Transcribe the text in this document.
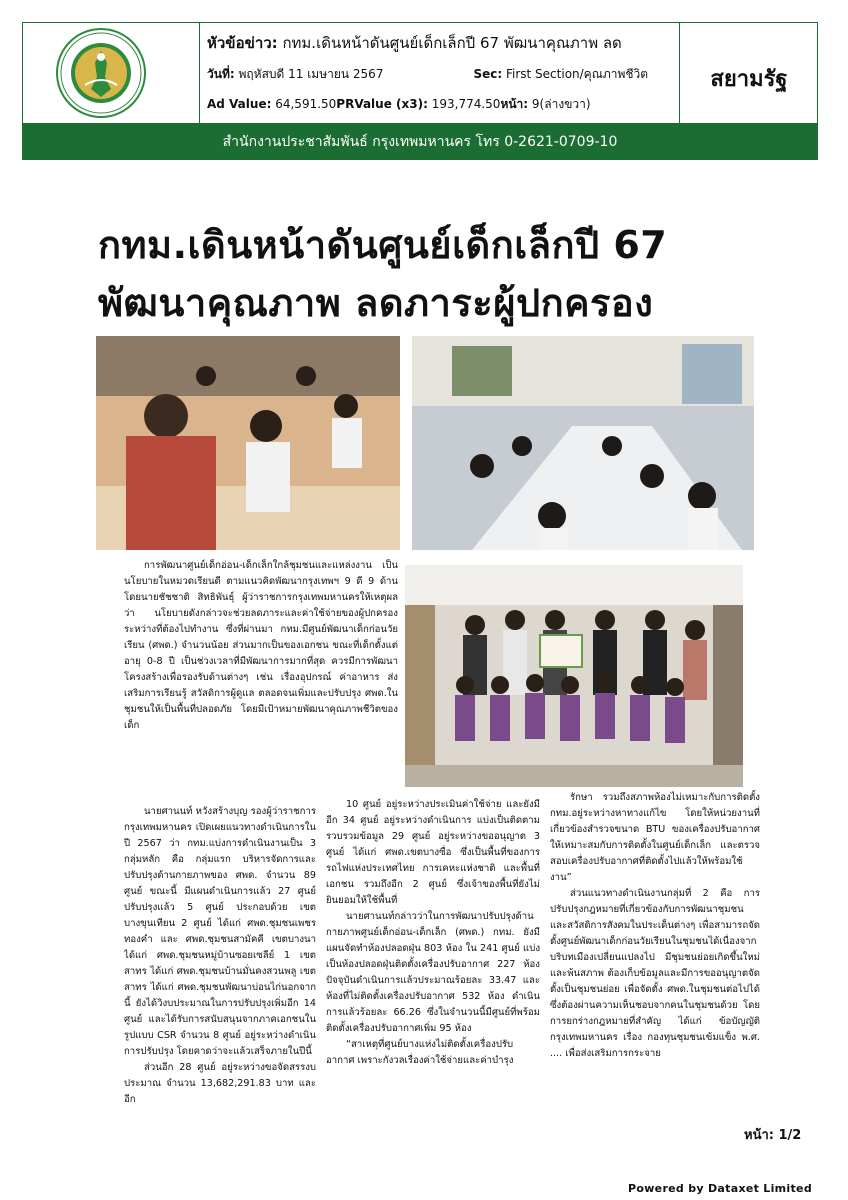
หัวข้อข่าว: กทม.เดินหน้าดันศูนย์เด็กเล็กปี 67 พัฒนาคุณภาพ ลด
วันที่: พฤหัสบดี 11 เมษายน 2567	Sec: First Section/คุณภาพชีวิต
Ad Value: 64,591.50PRValue (x3): 193,774.50หน้า: 9(ล่างขวา)
สยามรัฐ
สำนักงานประชาสัมพันธ์ กรุงเทพมหานคร โทร 0-2621-0709-10
กทม.เดินหน้าดันศูนย์เด็กเล็กปี 67
พัฒนาคุณภาพ ลดภาระผู้ปกครอง

การพัฒนาศูนย์เด็กอ่อน-เด็กเล็กใกล้ชุมชนและแหล่งงาน เป็นนโยบายในหมวดเรียนดี ตามแนวคิดพัฒนากรุงเทพฯ 9 ดี 9 ด้าน โดยนายชัชชาติ สิทธิพันธุ์ ผู้ว่าราชการกรุงเทพมหานครให้เหตุผลว่า นโยบายดังกล่าวจะช่วยลดภาระและค่าใช้จ่ายของผู้ปกครองระหว่างที่ต้องไปทำงาน ซึ่งที่ผ่านมา กทม.มีศูนย์พัฒนาเด็กก่อนวัยเรียน (ศพด.) จำนวนน้อย ส่วนมากเป็นของเอกชน ขณะที่เด็กตั้งแต่อายุ 0-8 ปี เป็นช่วงเวลาที่มีพัฒนาการมากที่สุด ควรมีการพัฒนาโครงสร้างเพื่อรองรับด้านต่างๆ เช่น เรื่องอุปกรณ์ ค่าอาหาร ส่งเสริมการเรียนรู้ สวัสดิการผู้ดูแล ตลอดจนเพิ่มและปรับปรุง ศพด.ในชุมชนให้เป็นพื้นที่ปลอดภัย โดยมีเป้าหมายพัฒนาคุณภาพชีวิตของเด็ก

นายศานนท์ หวังสร้างบุญ รองผู้ว่าราชการกรุงเทพมหานคร เปิดเผยแนวทางดำเนินการในปี 2567 ว่า กทม.แบ่งการดำเนินงานเป็น 3 กลุ่มหลัก คือ กลุ่มแรก บริหารจัดการและปรับปรุงด้านกายภาพของ ศพด. จำนวน 89 ศูนย์ ขณะนี้ มีแผนดำเนินการแล้ว 27 ศูนย์ ปรับปรุงแล้ว 5 ศูนย์ ประกอบด้วย เขตบางขุนเทียน 2 ศูนย์ ได้แก่ ศพด.ชุมชนเพชรทองคำ และ ศพด.ชุมชนสามัคคี เขตบางนา ได้แก่ ศพด.ชุมชนหมู่บ้านซอยเซลีย์ 1 เขตสาทร ได้แก่ ศพด.ชุมชนบ้านมั่นคงสวนพลู เขตสาทร ได้แก่ ศพด.ชุมชนพัฒนาบ่อนไก่นอกจากนี้ ยังได้วิงบประมาณในการปรับปรุงเพิ่มอีก 14 ศูนย์ และได้รับการสนับสนุนจากภาคเอกชนในรูปแบบ CSR จำนวน 8 ศูนย์ อยู่ระหว่างดำเนินการปรับปรุง โดยคาดว่าจะแล้วเสร็จภายในปีนี้

ส่วนอีก 28 ศูนย์ อยู่ระหว่างขอจัดสรรงบประมาณ จำนวน 13,682,291.83 บาท และอีก

10 ศูนย์ อยู่ระหว่างประเมินค่าใช้จ่าย และยังมีอีก 34 ศูนย์ อยู่ระหว่างดำเนินการ แบ่งเป็นติดตามรวบรวมข้อมูล 29 ศูนย์ อยู่ระหว่างขออนุญาต 3 ศูนย์ ได้แก่ ศพด.เขตบางซื่อ ซึ่งเป็นพื้นที่ของการรถไฟแห่งประเทศไทย การเคหะแห่งชาติ และพื้นที่เอกชน รวมถึงอีก 2 ศูนย์ ซึ่งเจ้าของพื้นที่ยังไม่ยินยอมให้ใช้พื้นที่

นายศานนท์กล่าวว่าในการพัฒนาปรับปรุงด้านกายภาพศูนย์เด็กอ่อน-เด็กเล็ก (ศพด.) กทม. ยังมีแผนจัดทำห้องปลอดฝุ่น 803 ห้อง ใน 241 ศูนย์ แบ่งเป็นห้องปลอดฝุ่นติดตั้งเครื่องปรับอากาศ 227 ห้อง ปัจจุบันดำเนินการแล้วประมาณร้อยละ 33.47 และห้องที่ไม่ติดตั้งเครื่องปรับอากาศ 532 ห้อง ดำเนินการแล้วร้อยละ 66.26 ซึ่งในจำนวนนี้มีศูนย์ที่พร้อมติดตั้งเครื่องปรับอากาศเพิ่ม 95 ห้อง

“สาเหตุที่ศูนย์บางแห่งไม่ติดตั้งเครื่องปรับอากาศ เพราะกังวลเรื่องค่าใช้จ่ายและค่าบำรุง

รักษา รวมถึงสภาพห้องไม่เหมาะกับการติดตั้ง กทม.อยู่ระหว่างหาทางแก้ไข โดยให้หน่วยงานที่เกี่ยวข้องสำรวจขนาด BTU ของเครื่องปรับอากาศให้เหมาะสมกับการติดตั้งในศูนย์เด็กเล็ก และตรวจสอบเครื่องปรับอากาศที่ติดตั้งไปแล้วให้พร้อมใช้งาน”

ส่วนแนวทางดำเนินงานกลุ่มที่ 2 คือ การปรับปรุงกฎหมายที่เกี่ยวข้องกับการพัฒนาชุมชนและสวัสดิการสังคมในประเด็นต่างๆ เพื่อสามารถจัดตั้งศูนย์พัฒนาเด็กก่อนวัยเรียนในชุมชนได้เนื่องจากบริบทเมืองเปลี่ยนแปลงไป มีชุมชนย่อยเกิดขึ้นใหม่และพ้นสภาพ ต้องเก็บข้อมูลและมีการขออนุญาตจัดตั้งเป็นชุมชนย่อย เพื่อจัดตั้ง ศพด.ในชุมชนต่อไปได้ ซึ่งต้องผ่านความเห็นชอบจากคนในชุมชนด้วย โดยการยกร่างกฎหมายที่สำคัญ ได้แก่ ข้อบัญญัติกรุงเทพมหานคร เรื่อง กองทุนชุมชนเข้มแข็ง พ.ศ. .... เพื่อส่งเสริมการกระจาย

หน้า: 1/2
Powered by Dataxet Limited
